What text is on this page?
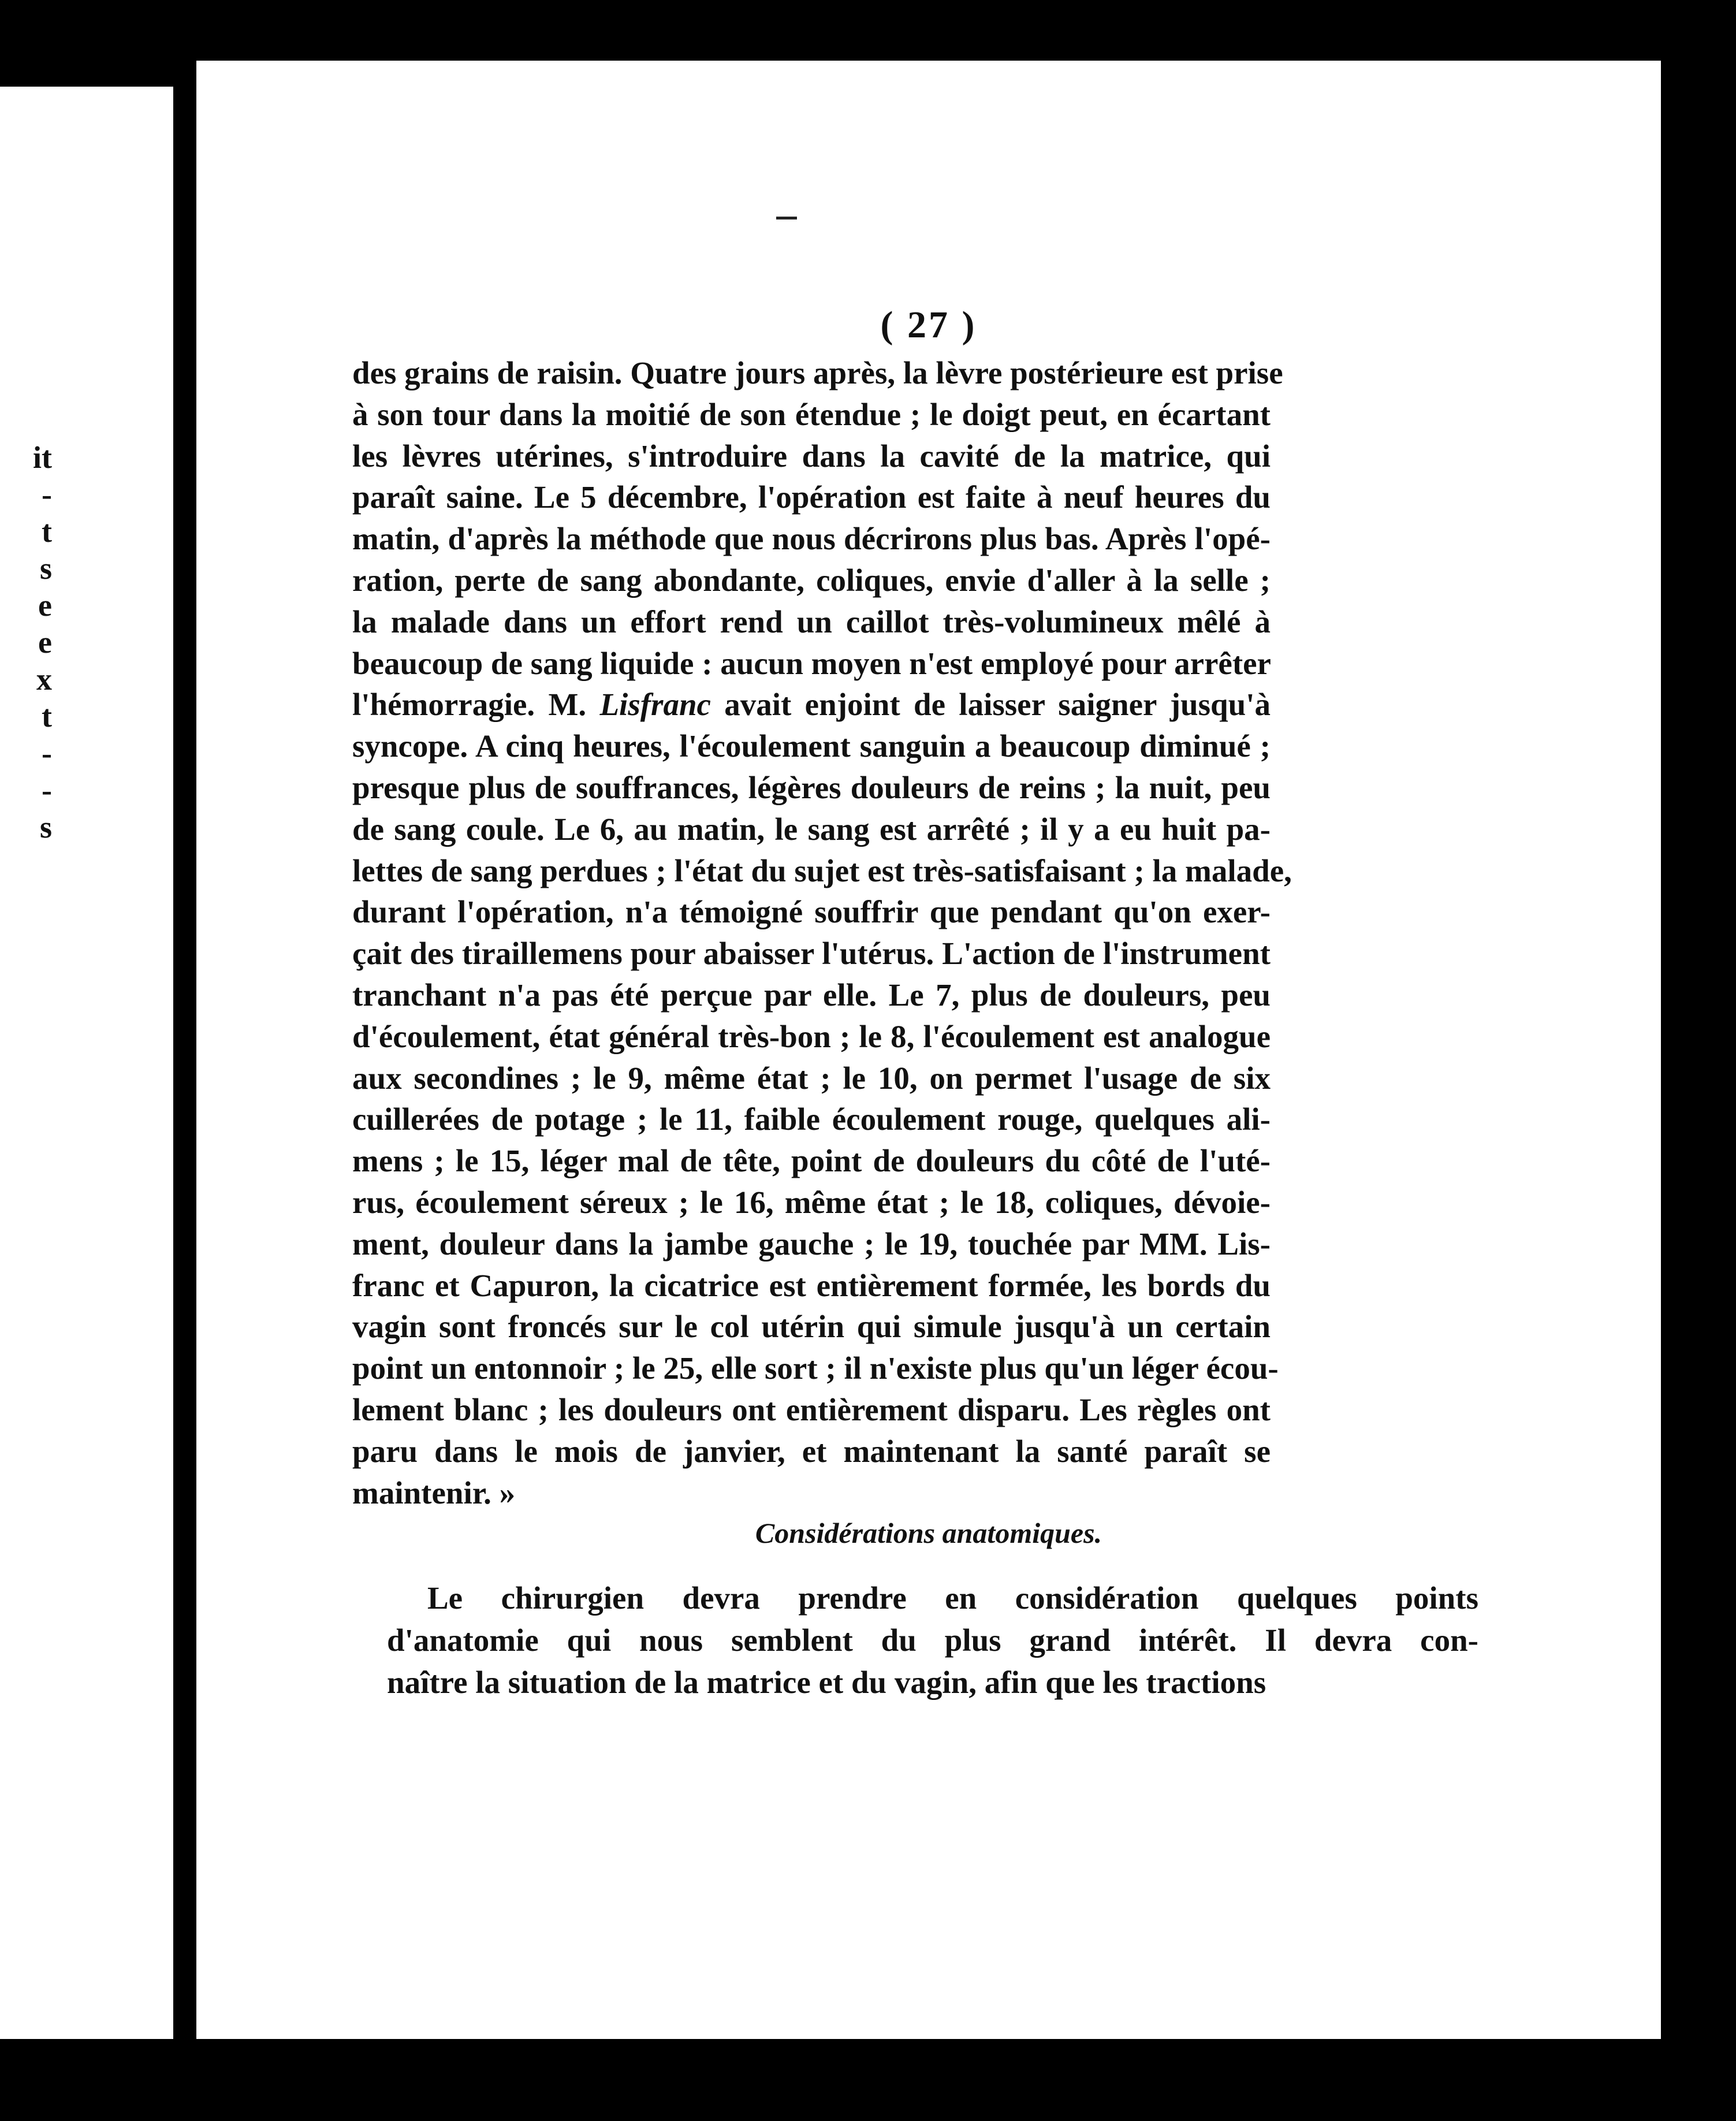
it
-
t
s
e
e
x
t
-
-
s
( 27 )
des grains de raisin. Quatre jours après, la lèvre postérieure est prise
à son tour dans la moitié de son étendue ; le doigt peut, en écartant
les lèvres utérines, s'introduire dans la cavité de la matrice, qui
paraît saine. Le 5 décembre, l'opération est faite à neuf heures du
matin, d'après la méthode que nous décrirons plus bas. Après l'opé-
ration, perte de sang abondante, coliques, envie d'aller à la selle ;
la malade dans un effort rend un caillot très-volumineux mêlé à
beaucoup de sang liquide : aucun moyen n'est employé pour arrêter
l'hémorragie. M. Lisfranc avait enjoint de laisser saigner jusqu'à
syncope. A cinq heures, l'écoulement sanguin a beaucoup diminué ;
presque plus de souffrances, légères douleurs de reins ; la nuit, peu
de sang coule. Le 6, au matin, le sang est arrêté ; il y a eu huit pa-
lettes de sang perdues ; l'état du sujet est très-satisfaisant ; la malade,
durant l'opération, n'a témoigné souffrir que pendant qu'on exer-
çait des tiraillemens pour abaisser l'utérus. L'action de l'instrument
tranchant n'a pas été perçue par elle. Le 7, plus de douleurs, peu
d'écoulement, état général très-bon ; le 8, l'écoulement est analogue
aux secondines ; le 9, même état ; le 10, on permet l'usage de six
cuillerées de potage ; le 11, faible écoulement rouge, quelques ali-
mens ; le 15, léger mal de tête, point de douleurs du côté de l'uté-
rus, écoulement séreux ; le 16, même état ; le 18, coliques, dévoie-
ment, douleur dans la jambe gauche ; le 19, touchée par MM. Lis-
franc et Capuron, la cicatrice est entièrement formée, les bords du
vagin sont froncés sur le col utérin qui simule jusqu'à un certain
point un entonnoir ; le 25, elle sort ; il n'existe plus qu'un léger écou-
lement blanc ; les douleurs ont entièrement disparu. Les règles ont
paru dans le mois de janvier, et maintenant la santé paraît se
maintenir. »
Considérations anatomiques.
Le chirurgien devra prendre en considération quelques points
d'anatomie qui nous semblent du plus grand intérêt. Il devra con-
naître la situation de la matrice et du vagin, afin que les tractions
